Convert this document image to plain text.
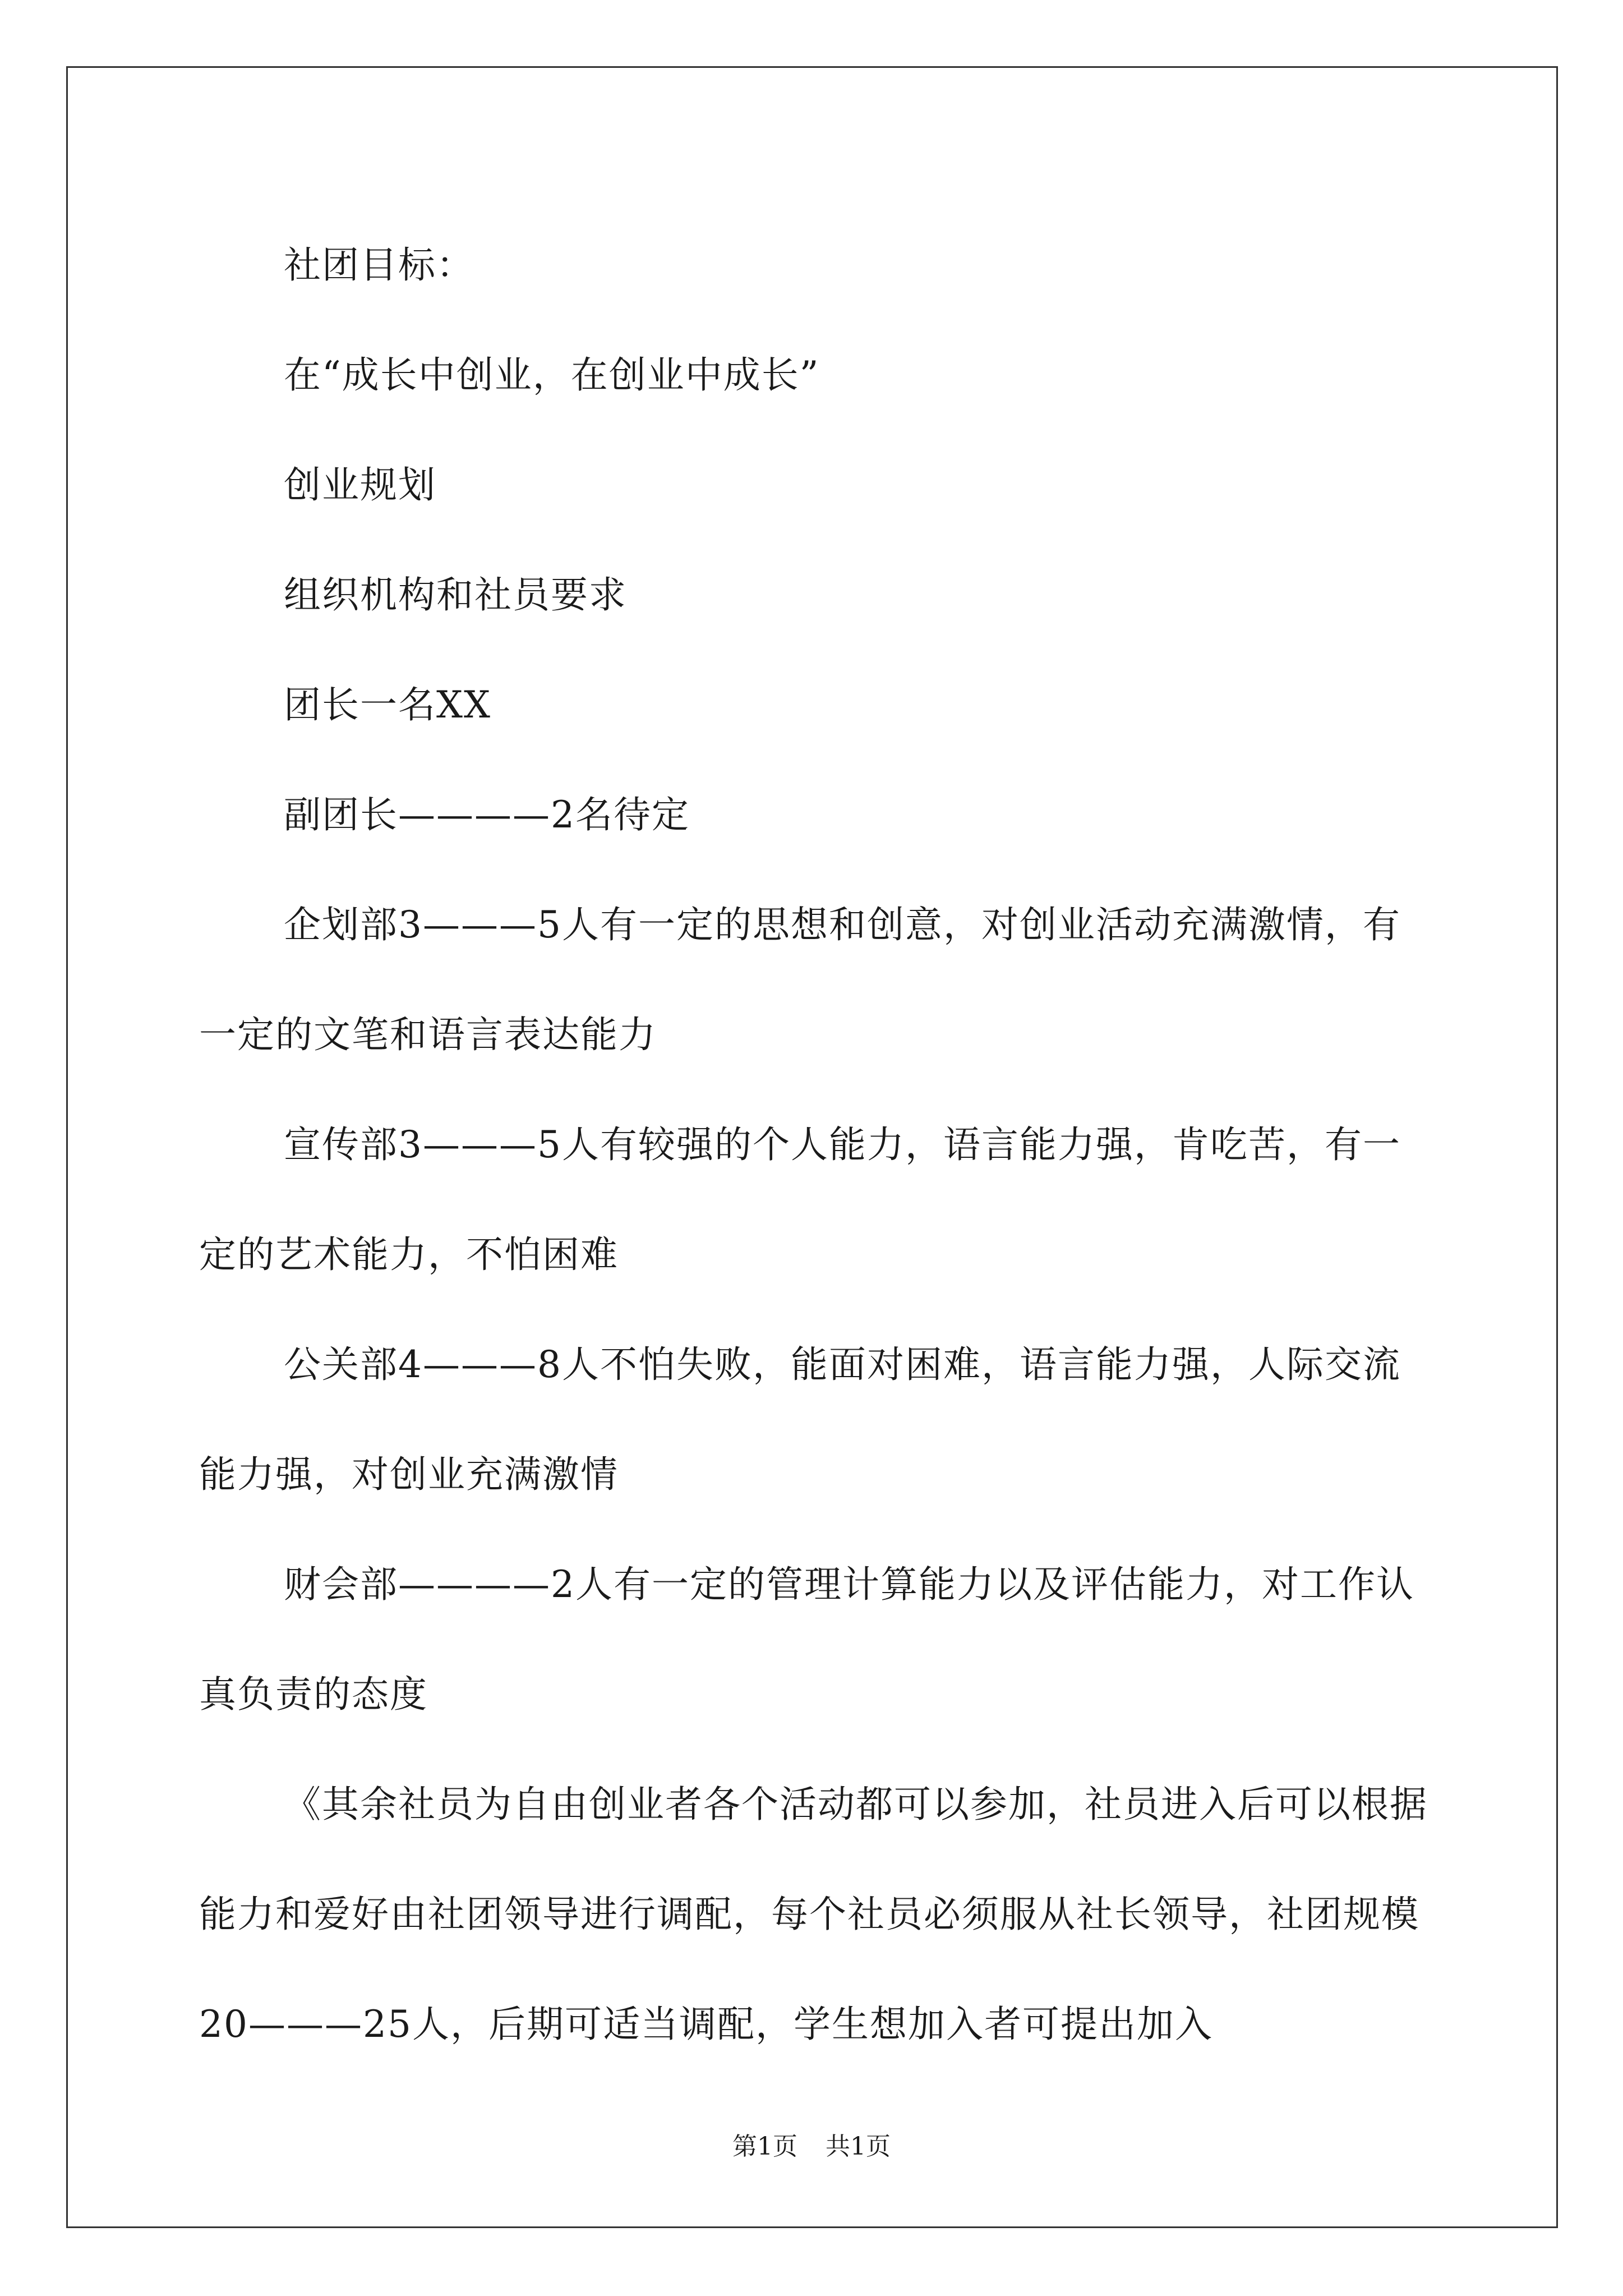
社团目标：

在“成长中创业，在创业中成长”

创业规划

组织机构和社员要求

团长一名XX

副团长————2名待定

企划部3———5人有一定的思想和创意，对创业活动充满激情，有一定的文笔和语言表达能力

宣传部3———5人有较强的个人能力，语言能力强，肯吃苦，有一定的艺术能力，不怕困难

公关部4———8人不怕失败，能面对困难，语言能力强，人际交流能力强，对创业充满激情

财会部————2人有一定的管理计算能力以及评估能力，对工作认真负责的态度

《其余社员为自由创业者各个活动都可以参加，社员进入后可以根据能力和爱好由社团领导进行调配，每个社员必须服从社长领导，社团规模20———25人，后期可适当调配，学生想加入者可提出加入

第1页 共1页
